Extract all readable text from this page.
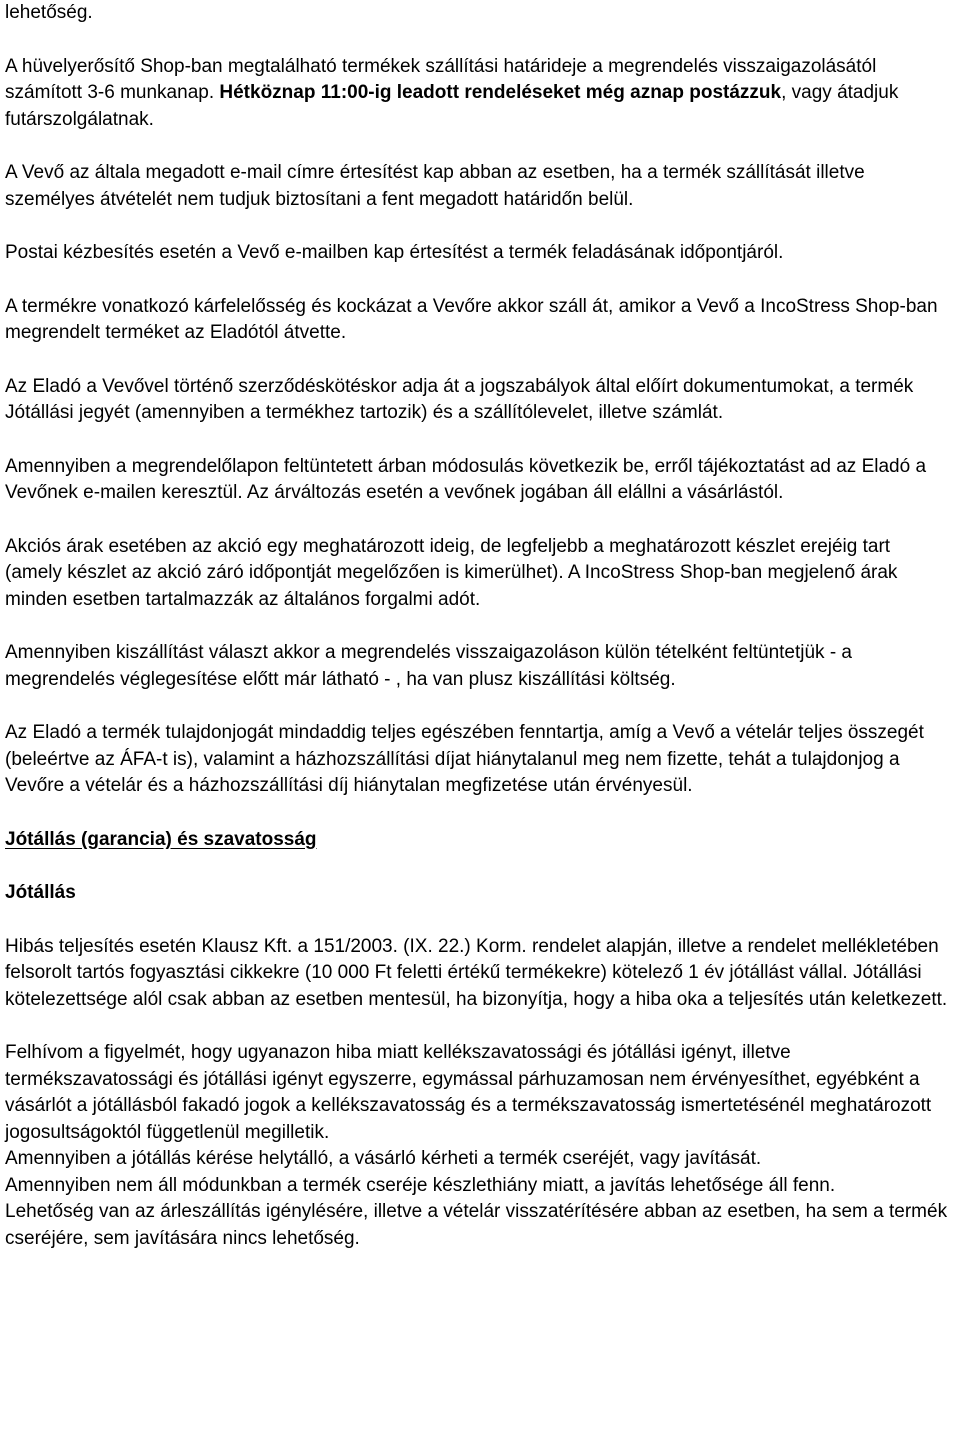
lehetőség.

A hüvelyerősítő Shop-ban megtalálható termékek szállítási határideje a megrendelés visszaigazolásától számított 3-6 munkanap. Hétköznap 11:00-ig leadott rendeléseket még aznap postázzuk, vagy átadjuk futárszolgálatnak.

A Vevő az általa megadott e-mail címre értesítést kap abban az esetben, ha a termék szállítását illetve személyes átvételét nem tudjuk biztosítani a fent megadott határidőn belül.

Postai kézbesítés esetén a Vevő e-mailben kap értesítést a termék feladásának időpontjáról.

A termékre vonatkozó kárfelelősség és kockázat a Vevőre akkor száll át, amikor a Vevő a IncoStress Shop-ban megrendelt terméket az Eladótól átvette.

Az Eladó a Vevővel történő szerződéskötéskor adja át a jogszabályok által előírt dokumentumokat, a termék Jótállási jegyét (amennyiben a termékhez tartozik) és a szállítólevelet, illetve számlát.

Amennyiben a megrendelőlapon feltüntetett árban módosulás következik be, erről tájékoztatást ad az Eladó a Vevőnek e-mailen keresztül. Az árváltozás esetén a vevőnek jogában áll elállni a vásárlástól.

Akciós árak esetében az akció egy meghatározott ideig, de legfeljebb a meghatározott készlet erejéig tart (amely készlet az akció záró időpontját megelőzően is kimerülhet). A IncoStress Shop-ban megjelenő árak minden esetben tartalmazzák az általános forgalmi adót.

Amennyiben kiszállítást választ akkor a megrendelés visszaigazoláson külön tételként feltüntetjük - a megrendelés véglegesítése előtt már látható - , ha van plusz kiszállítási költség.

Az Eladó a termék tulajdonjogát mindaddig teljes egészében fenntartja, amíg a Vevő a vételár teljes összegét (beleértve az ÁFA-t is), valamint a házhozszállítási díjat hiánytalanul meg nem fizette, tehát a tulajdonjog a Vevőre a vételár és a házhozszállítási díj hiánytalan megfizetése után érvényesül.

Jótállás (garancia) és szavatosság

Jótállás

Hibás teljesítés esetén Klausz Kft. a 151/2003. (IX. 22.) Korm. rendelet alapján, illetve a rendelet mellékletében felsorolt tartós fogyasztási cikkekre (10 000 Ft feletti értékű termékekre) kötelező 1 év jótállást vállal. Jótállási kötelezettsége alól csak abban az esetben mentesül, ha bizonyítja, hogy a hiba oka a teljesítés után keletkezett.

Felhívom a figyelmét, hogy ugyanazon hiba miatt kellékszavatossági és jótállási igényt, illetve termékszavatossági és jótállási igényt egyszerre, egymással párhuzamosan nem érvényesíthet, egyébként a vásárlót a jótállásból fakadó jogok a kellékszavatosság és a termékszavatosság ismertetésénél meghatározott jogosultságoktól függetlenül megilletik.

Amennyiben a jótállás kérése helytálló, a vásárló kérheti a termék cseréjét, vagy javítását.

Amennyiben nem áll módunkban a termék cseréje készlethiány miatt, a javítás lehetősége áll fenn.

Lehetőség van az árleszállítás igénylésére, illetve a vételár visszatérítésére abban az esetben, ha sem a termék cseréjére, sem javítására nincs lehetőség.
